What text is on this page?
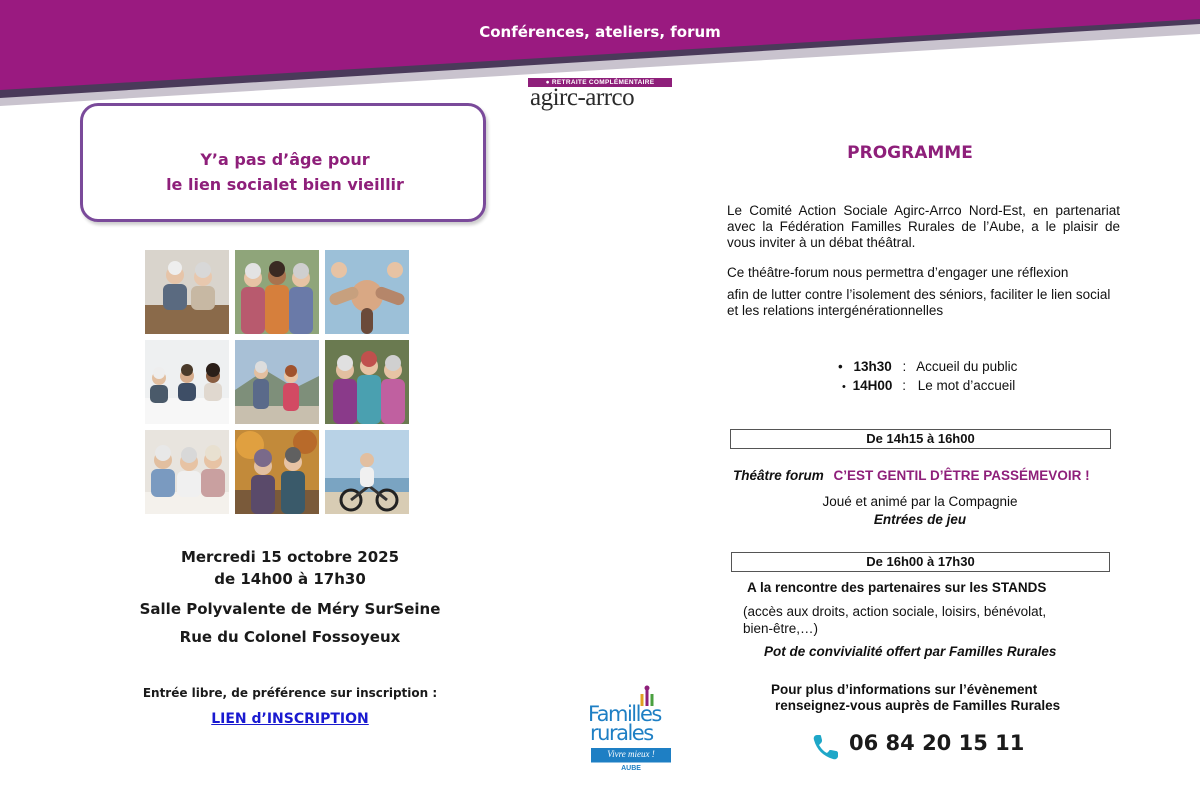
Conférences, ateliers, forum
● RETRAITE COMPLÉMENTAIRE
agirc-arrco
Y’a pas d’âge pour
le lien socialet bien vieillir
Mercredi 15 octobre 2025
de 14h00 à 17h30
Salle Polyvalente de Méry SurSeine
Rue du Colonel Fossoyeux
Entrée libre, de préférence sur inscription :
LIEN d’INSCRIPTION	Familles
rurales
Vivre mieux !
AUBE
PROGRAMME
Le Comité Action Sociale Agirc-Arrco Nord-Est, en partenariat avec la Fédération Familles Rurales de l’Aube, a le plaisir de vous inviter à un débat théâtral.
Ce théâtre-forum nous permettra d’engager une réflexion
afin de lutter contre l’isolement des séniors, faciliter le lien social et les relations intergénérationnelles
• 13h30 : Accueil du public
• 14H00 : Le mot d’accueil
De 14h15 à 16h00
Théâtre forum C’EST GENTIL D’ÊTRE PASSÉMEVOIR !
Joué et animé par la Compagnie
Entrées de jeu
De 16h00 à 17h30
A la rencontre des partenaires sur les STANDS
(accès aux droits, action sociale, loisirs, bénévolat,
bien-être,…)
Pot de convivialité offert par Familles Rurales
Pour plus d’informations sur l’évènement
renseignez-vous auprès de Familles Rurales
06 84 20 15 11
